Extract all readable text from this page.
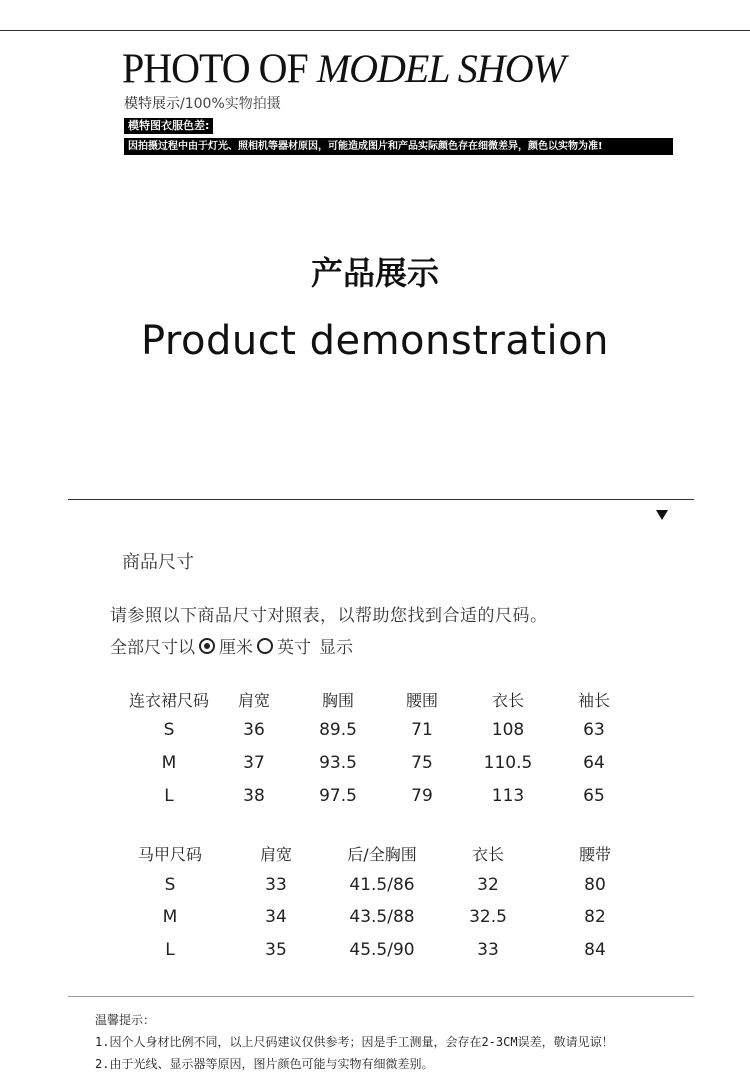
PHOTO OF MODEL SHOW
模特展示/100%实物拍摄
模特图衣服色差:
因拍摄过程中由于灯光、照相机等器材原因，可能造成图片和产品实际颜色存在细微差异，颜色以实物为准!
产品展示
Product demonstration
商品尺寸
请参照以下商品尺寸对照表，以帮助您找到合适的尺码。
全部尺寸以 厘米 英寸 显示
连衣裙尺码	肩宽	胸围	腰围	衣长	袖长
S	36	89.5	71	108	63
M	37	93.5	75	110.5	64
L	38	97.5	79	113	65
马甲尺码	肩宽	后/全胸围	衣长	腰带
S	33	41.5/86	32	80
M	34	43.5/88	32.5	82
L	35	45.5/90	33	84
温馨提示：
1.因个人身材比例不同，以上尺码建议仅供参考；因是手工测量，会存在2-3CM误差，敬请见谅！
2.由于光线、显示器等原因，图片颜色可能与实物有细微差别。
